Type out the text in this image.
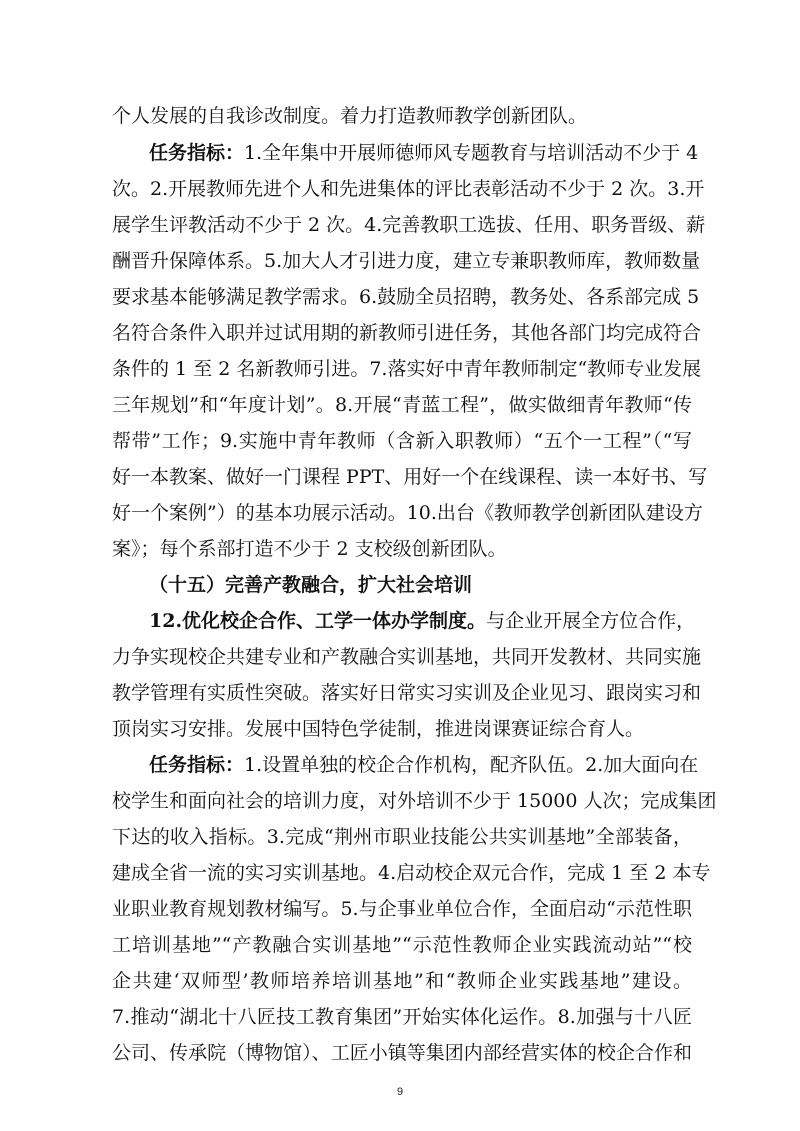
个人发展的自我诊改制度。着力打造教师教学创新团队。
任务指标：1.全年集中开展师德师风专题教育与培训活动不少于 4
次。2.开展教师先进个人和先进集体的评比表彰活动不少于 2 次。3.开
展学生评教活动不少于 2 次。4.完善教职工选拔、任用、职务晋级、薪
酬晋升保障体系。5.加大人才引进力度，建立专兼职教师库，教师数量
要求基本能够满足教学需求。6.鼓励全员招聘，教务处、各系部完成 5
名符合条件入职并过试用期的新教师引进任务，其他各部门均完成符合
条件的 1 至 2 名新教师引进。7.落实好中青年教师制定“教师专业发展
三年规划”和“年度计划”。8.开展“青蓝工程”，做实做细青年教师“传
帮带”工作；9.实施中青年教师（含新入职教师）“五个一工程”（“写
好一本教案、做好一门课程 PPT、用好一个在线课程、读一本好书、写
好一个案例”）的基本功展示活动。10.出台《教师教学创新团队建设方
案》；每个系部打造不少于 2 支校级创新团队。
（十五）完善产教融合，扩大社会培训
12.优化校企合作、工学一体办学制度。与企业开展全方位合作，
力争实现校企共建专业和产教融合实训基地，共同开发教材、共同实施
教学管理有实质性突破。落实好日常实习实训及企业见习、跟岗实习和
顶岗实习安排。发展中国特色学徒制，推进岗课赛证综合育人。
任务指标：1.设置单独的校企合作机构，配齐队伍。2.加大面向在
校学生和面向社会的培训力度，对外培训不少于 15000 人次；完成集团
下达的收入指标。3.完成“荆州市职业技能公共实训基地”全部装备，
建成全省一流的实习实训基地。4.启动校企双元合作，完成 1 至 2 本专
业职业教育规划教材编写。5.与企事业单位合作，全面启动“示范性职
工培训基地”“产教融合实训基地”“示范性教师企业实践流动站”“校
企共建‘双师型’教师培养培训基地”和“教师企业实践基地”建设。
7.推动“湖北十八匠技工教育集团”开始实体化运作。8.加强与十八匠
公司、传承院（博物馆）、工匠小镇等集团内部经营实体的校企合作和
9
